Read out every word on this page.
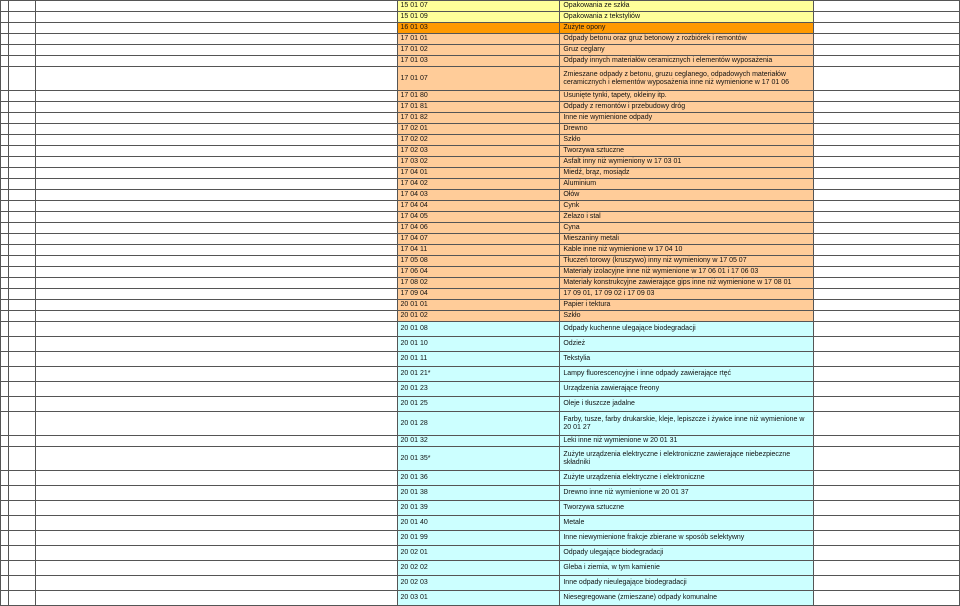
			15 01 07	Opakowania ze szkła	
			15 01 09	Opakowania z tekstyliów	
			16 01 03	Zużyte opony	
			17 01 01	Odpady betonu oraz gruz betonowy z rozbiórek i remontów	
			17 01 02	Gruz ceglany	
			17 01 03	Odpady innych materiałów ceramicznych i elementów wyposażenia	
			17 01 07	Zmieszane odpady z betonu, gruzu ceglanego, odpadowych materiałów ceramicznych i elementów wyposażenia inne niż wymienione w 17 01 06	
			17 01 80	Usunięte tynki, tapety, okleiny itp.	
			17 01 81	Odpady z remontów i przebudowy dróg	
			17 01 82	Inne nie wymienione odpady	
			17 02 01	Drewno	
			17 02 02	Szkło	
			17 02 03	Tworzywa sztuczne	
			17 03 02	Asfalt inny niż wymieniony w 17 03 01	
			17 04 01	Miedź, brąz, mosiądz	
			17 04 02	Aluminium	
			17 04 03	Ołów	
			17 04 04	Cynk	
			17 04 05	Żelazo i stal	
			17 04 06	Cyna	
			17 04 07	Mieszaniny metali	
			17 04 11	Kable inne niż wymienione w 17 04 10	
			17 05 08	Tłuczeń torowy (kruszywo) inny niż wymieniony w 17 05 07	
			17 06 04	Materiały izolacyjne inne niż wymienione w 17 06 01 i 17 06 03	
			17 08 02	Materiały konstrukcyjne zawierające gips inne niż wymienione w 17 08 01	
			17 09 04	17 09 01, 17 09 02 i 17 09 03	
			20 01 01	Papier i tektura	
			20 01 02	Szkło	
			20 01 08	Odpady kuchenne ulegające biodegradacji	
			20 01 10	Odzież	
			20 01 11	Tekstylia	
			20 01 21*	Lampy fluorescencyjne i inne odpady zawierające rtęć	
			20 01 23	Urządzenia zawierające freony	
			20 01 25	Oleje i tłuszcze jadalne	
			20 01 28	Farby, tusze, farby drukarskie, kleje, lepiszcze i żywice inne niż wymienione w 20 01 27	
			20 01 32	Leki inne niż wymienione w 20 01 31	
			20 01 35*	Zużyte urządzenia elektryczne i elektroniczne zawierające niebezpieczne składniki	
			20 01 36	Zużyte urządzenia elektryczne i elektroniczne	
			20 01 38	Drewno inne niż wymienione w 20 01 37	
			20 01 39	Tworzywa sztuczne	
			20 01 40	Metale	
			20 01 99	Inne niewymienione frakcje zbierane w sposób selektywny	
			20 02 01	Odpady ulegające biodegradacji	
			20 02 02	Gleba i ziemia, w tym kamienie	
			20 02 03	Inne odpady nieulegające biodegradacji	
			20 03 01	Niesegregowane (zmieszane) odpady komunalne	
